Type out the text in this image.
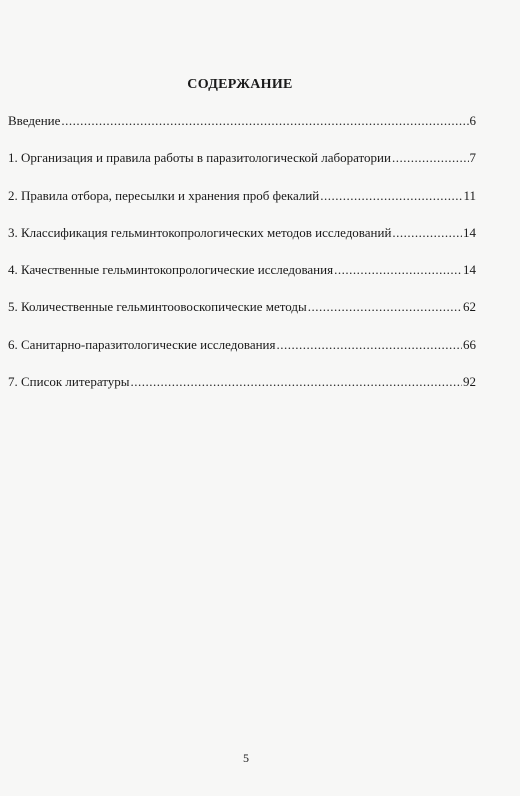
СОДЕРЖАНИЕ
Введение .....	6
1. Организация и правила работы в паразитологической лаборатории .....	7
2. Правила отбора, пересылки и хранения проб фекалий .....	11
3. Классификация гельминтокопрологических методов исследований .....	14
4. Качественные гельминтокопрологические исследования .....	14
5. Количественные гельминтоовоскопические методы .....	62
6. Санитарно-паразитологические исследования .....	66
7. Список литературы .....	92
5
